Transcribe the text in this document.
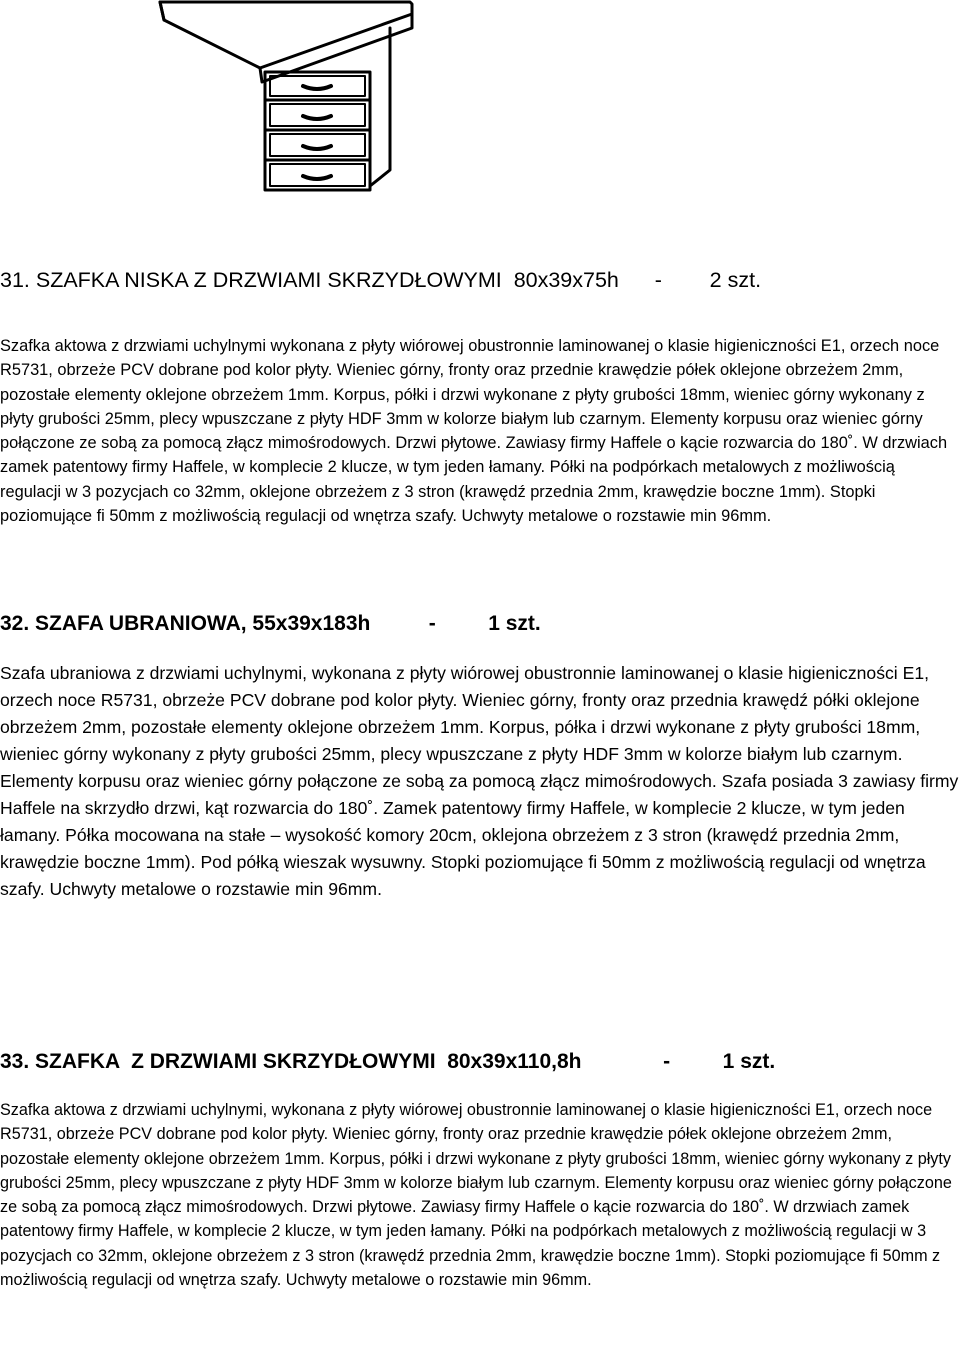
31. SZAFKA NISKA Z DRZWIAMI SKRZYDŁOWYMI  80x39x75h      -        2 szt.

Szafka aktowa z drzwiami uchylnymi wykonana z płyty wiórowej obustronnie laminowanej o klasie higieniczności E1, orzech noce R5731, obrzeże PCV dobrane pod kolor płyty. Wieniec górny, fronty oraz przednie krawędzie półek oklejone obrzeżem 2mm, pozostałe elementy oklejone obrzeżem 1mm. Korpus, półki i drzwi wykonane z płyty grubości 18mm, wieniec górny wykonany z płyty grubości 25mm, plecy wpuszczane z płyty HDF 3mm w kolorze białym lub czarnym. Elementy korpusu oraz wieniec górny połączone ze sobą za pomocą złącz mimośrodowych. Drzwi płytowe. Zawiasy firmy Haffele o kącie rozwarcia do 180˚. W drzwiach zamek patentowy firmy Haffele, w komplecie 2 klucze, w tym jeden łamany. Półki na podpórkach metalowych z możliwością regulacji w 3 pozycjach co 32mm, oklejone obrzeżem z 3 stron (krawędź przednia 2mm, krawędzie boczne 1mm). Stopki poziomujące fi 50mm z możliwością regulacji od wnętrza szafy. Uchwyty metalowe o rozstawie min 96mm.

32. SZAFA UBRANIOWA, 55x39x183h          -         1 szt.

Szafa ubraniowa z drzwiami uchylnymi, wykonana z płyty wiórowej obustronnie laminowanej o klasie higieniczności E1, orzech noce R5731, obrzeże PCV dobrane pod kolor płyty. Wieniec górny, fronty oraz przednia krawędź półki oklejone obrzeżem 2mm, pozostałe elementy oklejone obrzeżem 1mm. Korpus, półka i drzwi wykonane z płyty grubości 18mm, wieniec górny wykonany z płyty grubości 25mm, plecy wpuszczane z płyty HDF 3mm w kolorze białym lub czarnym. Elementy korpusu oraz wieniec górny połączone ze sobą za pomocą złącz mimośrodowych. Szafa posiada 3 zawiasy firmy Haffele na skrzydło drzwi, kąt rozwarcia do 180˚. Zamek patentowy firmy Haffele, w komplecie 2 klucze, w tym jeden łamany. Półka mocowana na stałe – wysokość komory 20cm, oklejona obrzeżem z 3 stron (krawędź przednia 2mm, krawędzie boczne 1mm). Pod półką wieszak wysuwny. Stopki poziomujące fi 50mm z możliwością regulacji od wnętrza szafy. Uchwyty metalowe o rozstawie min 96mm.

33. SZAFKA  Z DRZWIAMI SKRZYDŁOWYMI  80x39x110,8h              -         1 szt.

Szafka aktowa z drzwiami uchylnymi, wykonana z płyty wiórowej obustronnie laminowanej o klasie higieniczności E1, orzech noce R5731, obrzeże PCV dobrane pod kolor płyty. Wieniec górny, fronty oraz przednie krawędzie półek oklejone obrzeżem 2mm, pozostałe elementy oklejone obrzeżem 1mm. Korpus, półki i drzwi wykonane z płyty grubości 18mm, wieniec górny wykonany z płyty grubości 25mm, plecy wpuszczane z płyty HDF 3mm w kolorze białym lub czarnym. Elementy korpusu oraz wieniec górny połączone ze sobą za pomocą złącz mimośrodowych. Drzwi płytowe. Zawiasy firmy Haffele o kącie rozwarcia do 180˚. W drzwiach zamek patentowy firmy Haffele, w komplecie 2 klucze, w tym jeden łamany. Półki na podpórkach metalowych z możliwością regulacji w 3 pozycjach co 32mm, oklejone obrzeżem z 3 stron (krawędź przednia 2mm, krawędzie boczne 1mm). Stopki poziomujące fi 50mm z możliwością regulacji od wnętrza szafy. Uchwyty metalowe o rozstawie min 96mm.
